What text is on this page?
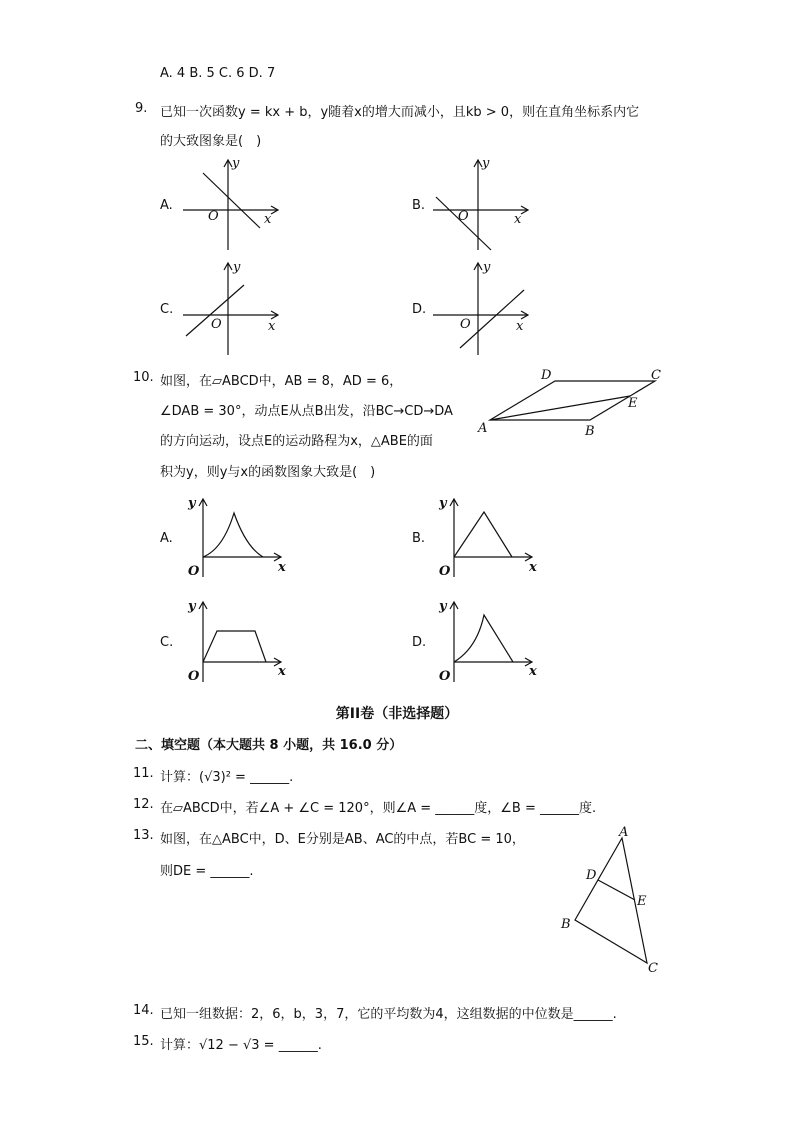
A. 4 B. 5 C. 6 D. 7
9. 已知一次函数y = kx + b，y随着x的增大而减小，且kb > 0，则在直角坐标系内它
的大致图象是(　)
A.
O	x
y
B.
O	x
y
C.
O	x
y
D.
O	x
y
10. 如图，在▱ABCD中，AB = 8，AD = 6，
∠DAB = 30°，动点E从点B出发，沿BC→CD→DA
的方向运动，设点E的运动路程为x，△ABE的面
积为y，则y与x的函数图象大致是(　)
A	B
C
D
E
A.
O	x
y
B.
O	x
y
C.
O	x
y
D.
O	x
y
第II卷（非选择题）
二、填空题（本大题共 8 小题，共 16.0 分）
11. 计算：(√3)² = ______.
12. 在▱ABCD中，若∠A + ∠C = 120°，则∠A = ______度，∠B = ______度.
13. 如图，在△ABC中，D、E分别是AB、AC的中点，若BC = 10，
则DE = ______.
A
B
C
D
E
14. 已知一组数据：2，6，b，3，7，它的平均数为4，这组数据的中位数是______.
15. 计算：√12 − √3 = ______.
